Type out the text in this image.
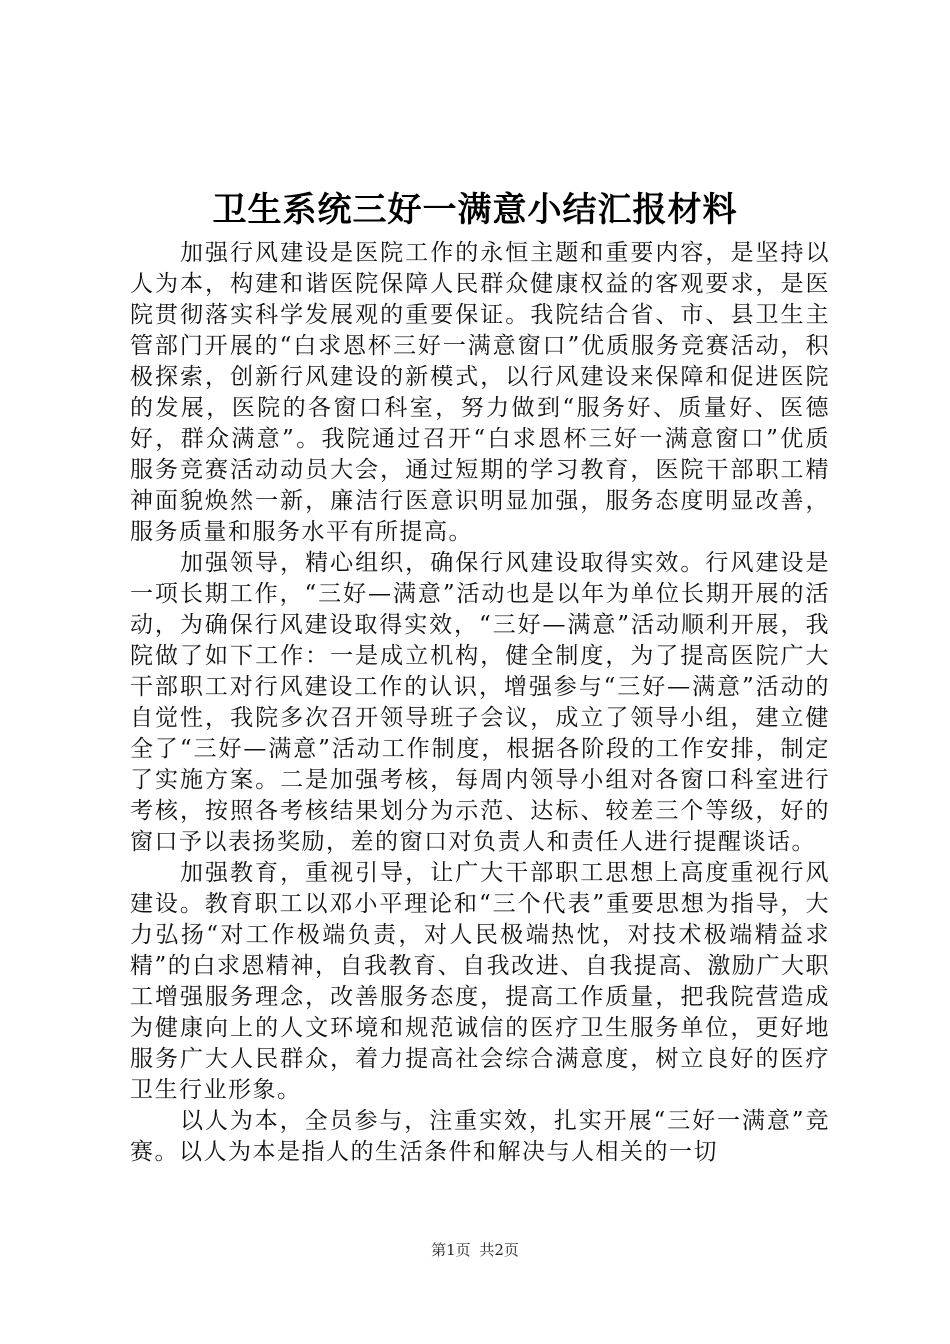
卫生系统三好一满意小结汇报材料

加强行风建设是医院工作的永恒主题和重要内容，是坚持以人为本，构建和谐医院保障人民群众健康权益的客观要求，是医院贯彻落实科学发展观的重要保证。我院结合省、市、县卫生主管部门开展的“白求恩杯三好一满意窗口”优质服务竞赛活动，积极探索，创新行风建设的新模式，以行风建设来保障和促进医院的发展，医院的各窗口科室，努力做到“服务好、质量好、医德好，群众满意”。我院通过召开“白求恩杯三好一满意窗口”优质服务竞赛活动动员大会，通过短期的学习教育，医院干部职工精神面貌焕然一新，廉洁行医意识明显加强，服务态度明显改善，服务质量和服务水平有所提高。

加强领导，精心组织，确保行风建设取得实效。行风建设是一项长期工作，“三好—满意”活动也是以年为单位长期开展的活动，为确保行风建设取得实效，“三好—满意”活动顺利开展，我院做了如下工作：一是成立机构，健全制度，为了提高医院广大干部职工对行风建设工作的认识，增强参与“三好—满意”活动的自觉性，我院多次召开领导班子会议，成立了领导小组，建立健全了“三好—满意”活动工作制度，根据各阶段的工作安排，制定了实施方案。二是加强考核，每周内领导小组对各窗口科室进行考核，按照各考核结果划分为示范、达标、较差三个等级，好的窗口予以表扬奖励，差的窗口对负责人和责任人进行提醒谈话。

加强教育，重视引导，让广大干部职工思想上高度重视行风建设。教育职工以邓小平理论和“三个代表”重要思想为指导，大力弘扬“对工作极端负责，对人民极端热忱，对技术极端精益求精”的白求恩精神，自我教育、自我改进、自我提高、激励广大职工增强服务理念，改善服务态度，提高工作质量，把我院营造成为健康向上的人文环境和规范诚信的医疗卫生服务单位，更好地服务广大人民群众，着力提高社会综合满意度，树立良好的医疗卫生行业形象。

以人为本，全员参与，注重实效，扎实开展“三好一满意”竞赛。以人为本是指人的生活条件和解决与人相关的一切

第1页 共2页
